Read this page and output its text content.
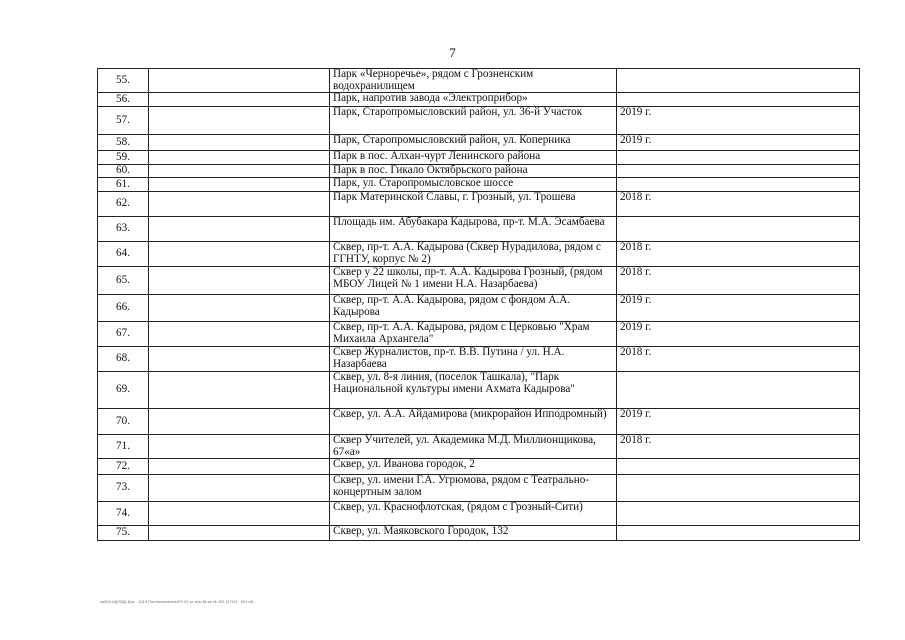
7
55.		Парк «Черноречье», рядом с Грозненским водохранилищем	
56.		Парк, напротив завода «Электроприбор»	
57.		Парк, Старопромысловский район, ул. 36-й Участок	2019 г.
58.		Парк, Старопромысловский район, ул. Коперника	2019 г.
59.		Парк в пос. Алхан-чурт Ленинского района	
60.		Парк в пос. Гикало Октябрьского района	
61.		Парк, ул. Старопромысловское шоссе	
62.		Парк Материнской Славы, г. Грозный, ул. Трошева	2018 г.
63.		Площадь им. Абубакара Кадырова, пр-т. М.А. Эсамбаева	
64.		Сквер, пр-т. А.А. Кадырова (Сквер Нурадилова, рядом с ГГНТУ, корпус № 2)	2018 г.
65.		Сквер у 22 школы, пр-т. А.А. Кадырова Грозный, (рядом МБОУ Лицей № 1 имени Н.А. Назарбаева)	2018 г.
66.		Сквер, пр-т. А.А. Кадырова, рядом с фондом А.А. Кадырова	2019 г.
67.		Сквер, пр-т. А.А. Кадырова, рядом с Церковью "Храм Михаила Архангела"	2019 г.
68.		Сквер Журналистов, пр-т. В.В. Путина / ул. Н.А. Назарбаева	2018 г.
69.		Сквер, ул. 8-я линия, (поселок Ташкала), "Парк Национальной культуры имени Ахмата Кадырова"	
70.		Сквер, ул. А.А. Айдамирова (микрорайон Ипподромный)	2019 г.
71.		Сквер Учителей, ул. Академика М.Д. Миллионщикова, 67«а»	2018 г.
72.		Сквер, ул. Иванова городок, 2	
73.		Сквер, ул. имени Г.А. Угрюмова, рядом с Театрально-концертным залом	
74.		Сквер, ул. Краснофлотская, (рядом с Грозный-Сити)	
75.		Сквер, ул. Маяковского Городок, 132	
sp004-НД/ПДД Док - 2019 Постановление/ЛЧ 02 от или №-ок № 302 (2719) - 902.ой -
